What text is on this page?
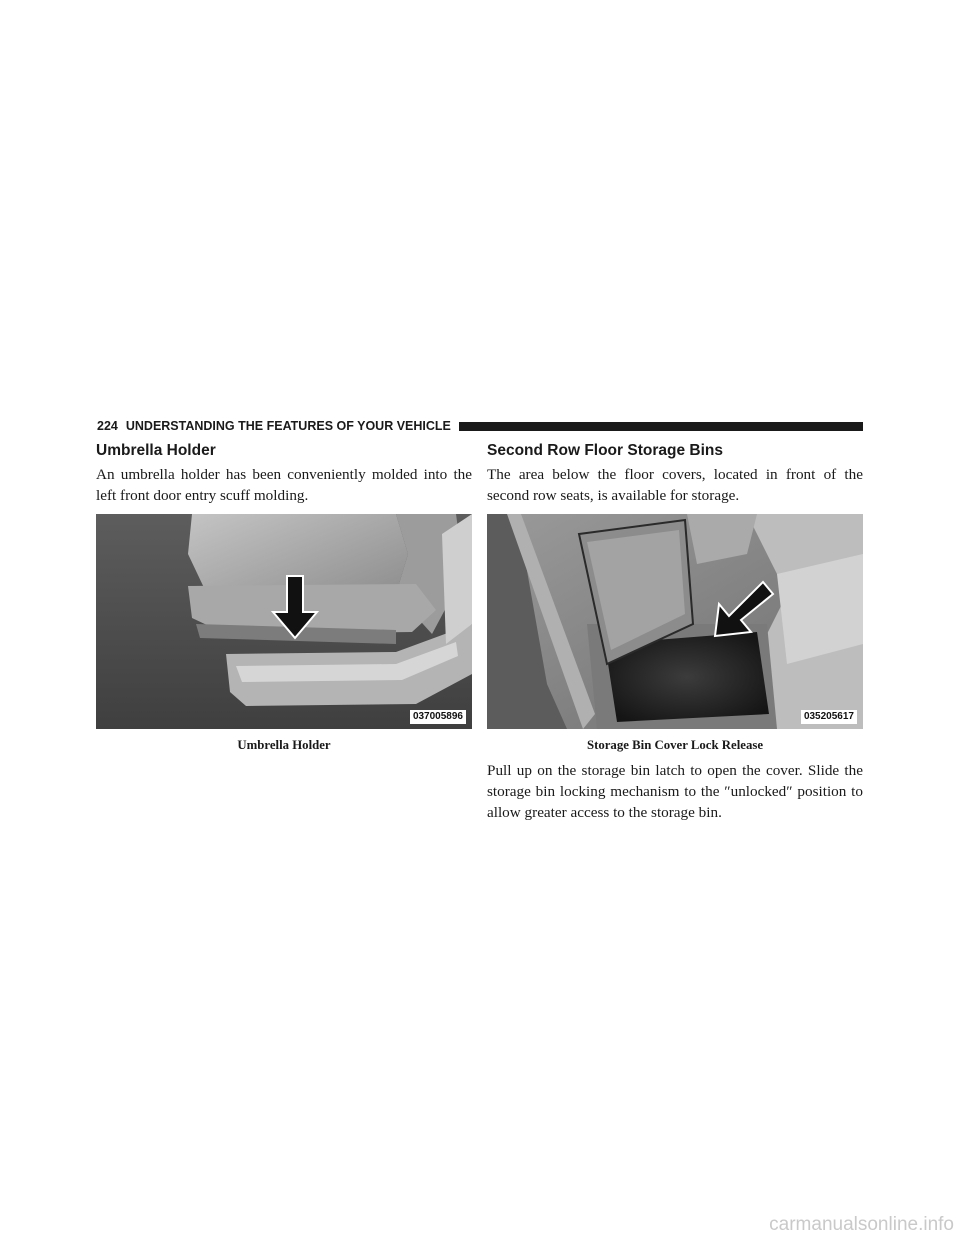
224 UNDERSTANDING THE FEATURES OF YOUR VEHICLE
Umbrella Holder

An umbrella holder has been conveniently molded into the left front door entry scuff molding.

037005896
Umbrella Holder
Second Row Floor Storage Bins

The area below the floor covers, located in front of the second row seats, is available for storage.

035205617
Storage Bin Cover Lock Release

Pull up on the storage bin latch to open the cover. Slide the storage bin locking mechanism to the ″unlocked″ position to allow greater access to the storage bin.

carmanualsonline.info
